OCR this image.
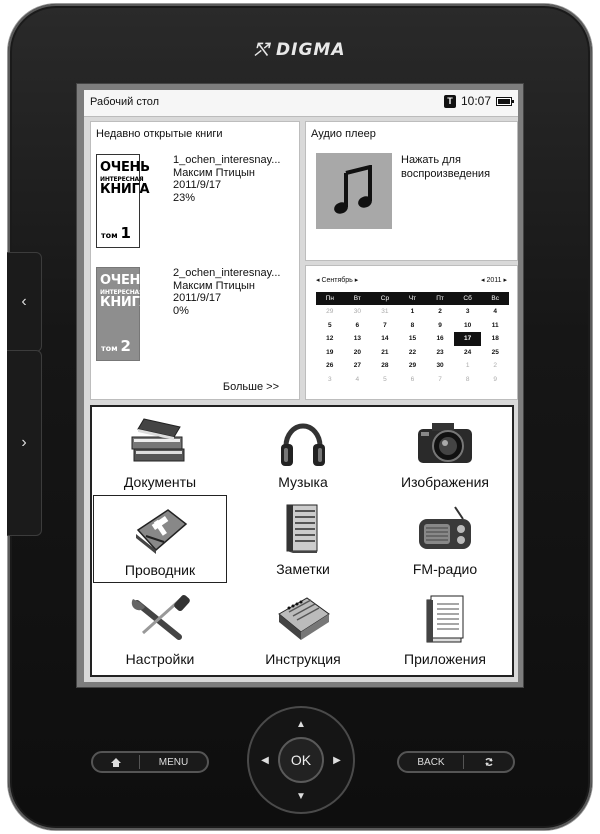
⤲ DIGMA
‹
›
Рабочий стол	T 10:07
Недавно открытые книги
ОЧЕНЬ
ИНТЕРЕСНАЯ
КНИГА
том 1
1_ochen_interesnay...
Максим Птицын
2011/9/17
23%
ОЧЕНЬ
ИНТЕРЕСНАЯ
КНИГА
том 2
2_ochen_interesnay...
Максим Птицын
2011/9/17
0%
Больше >>
Аудио плеер
Нажать для воспроизведения
◂ Сентябрь ▸	◂ 2011 ▸
Пн	Вт	Ср	Чт	Пт	Сб	Вс
29	30	31	1	2	3	4
5	6	7	8	9	10	11
12	13	14	15	16	17	18
19	20	21	22	23	24	25
26	27	28	29	30	1	2
3	4	5	6	7	8	9
Документы	Музыка	Изображения
Проводник	Заметки	FM-радио
Настройки	Инструкция	Приложения
MENU
▲
▼
◀	▶
OK	BACK
